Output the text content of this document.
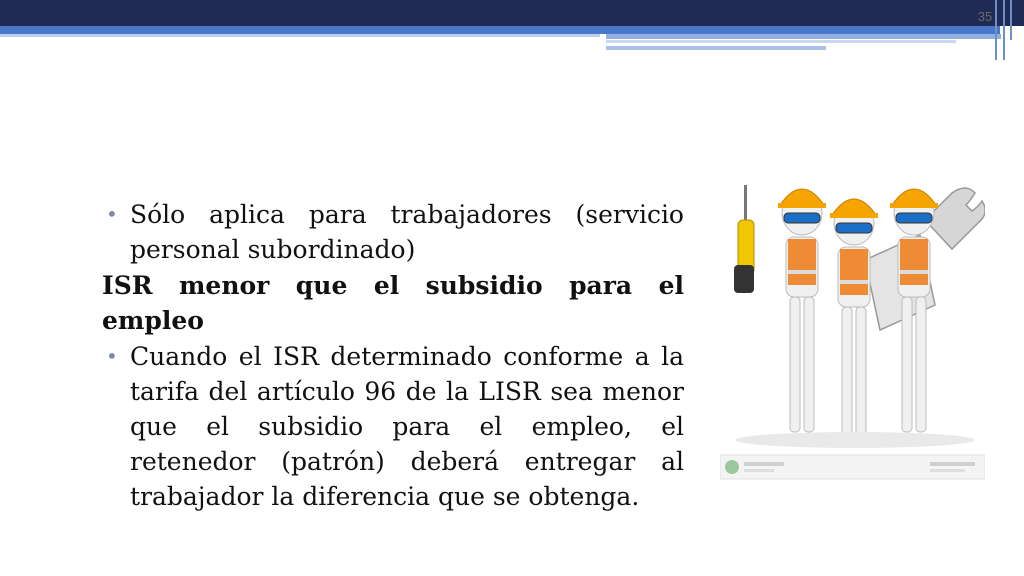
35
• Sólo aplica para trabajadores (servicio personal subordinado)
ISR menor que el subsidio para el empleo
• Cuando el ISR determinado conforme a la tarifa del artículo 96 de la LISR sea menor que el subsidio para el empleo, el retenedor (patrón) deberá entregar al trabajador la diferencia que se obtenga.
